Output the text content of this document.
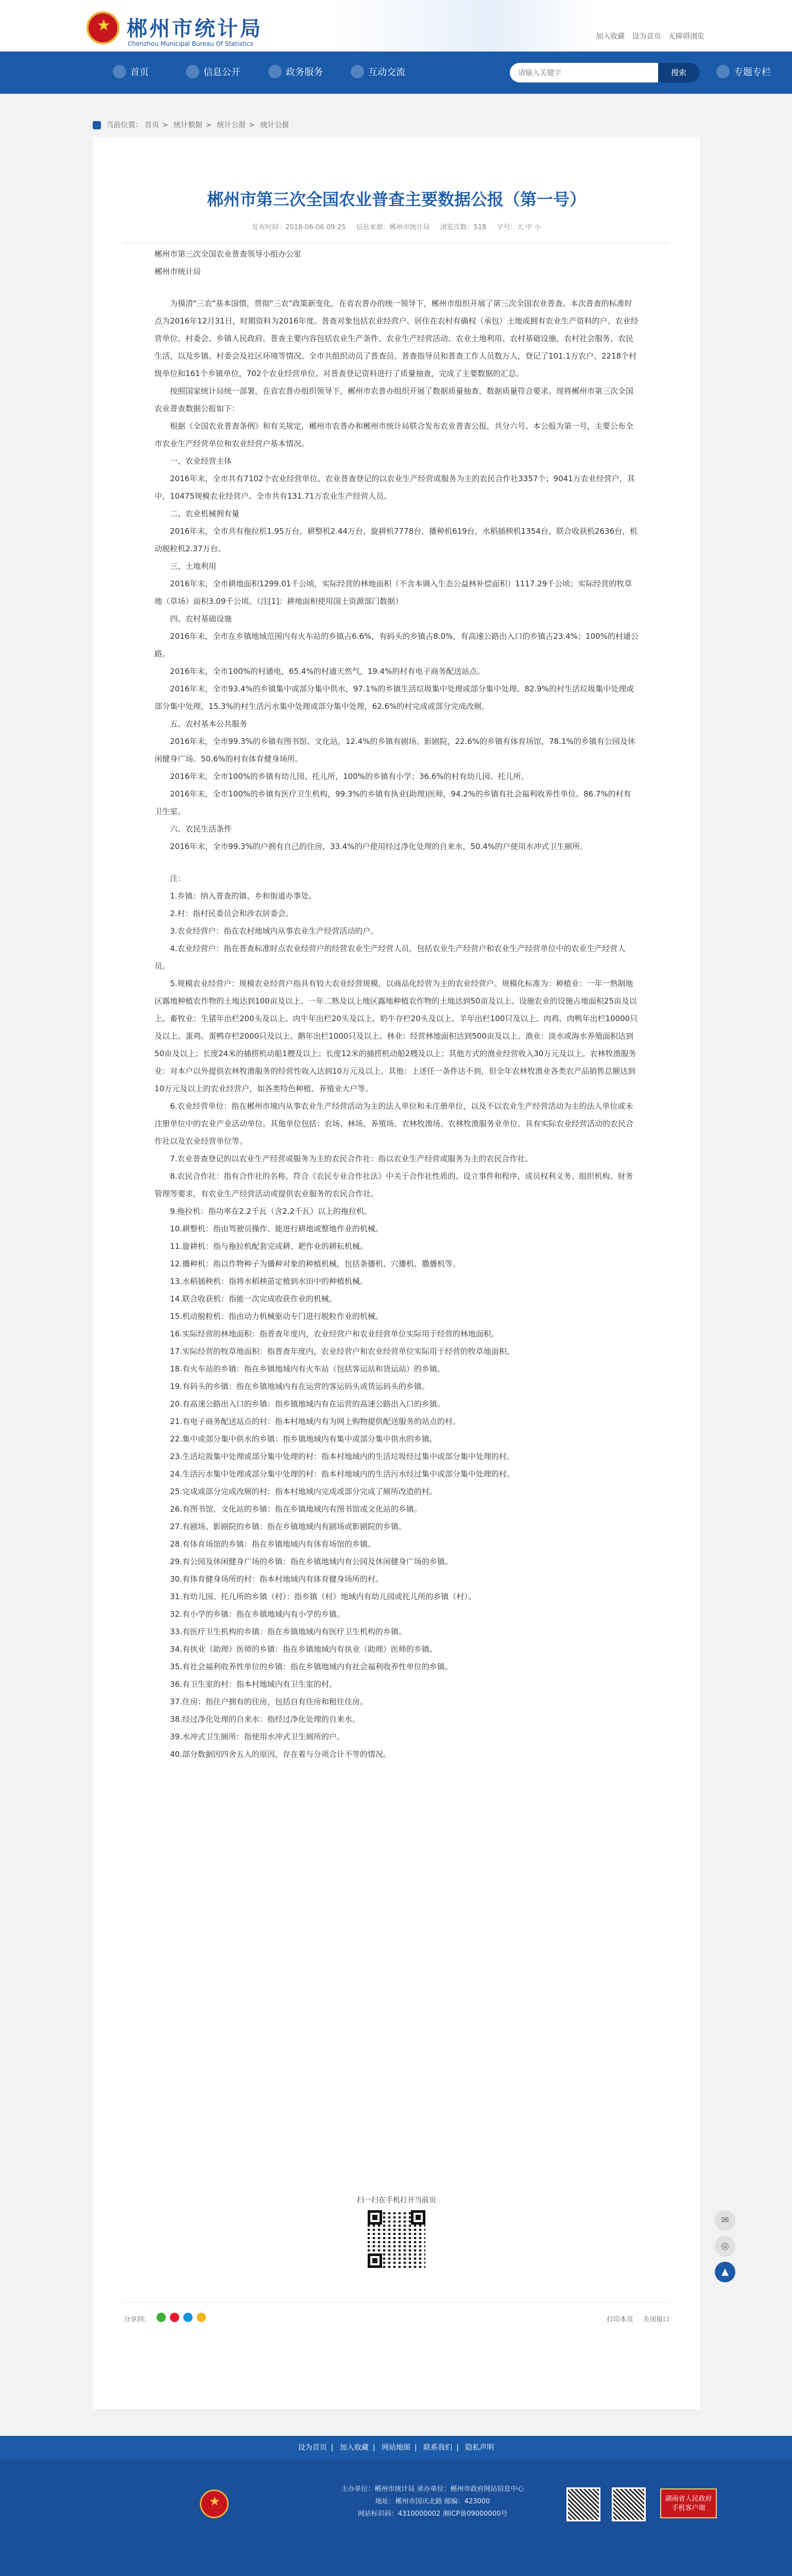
★
郴州市统计局
Chenzhou Municipal Bureau Of Statistics
加入收藏 设为首页 无障碍浏览
首页	信息公开	政务服务	互动交流
请输入关键字	搜索	专题专栏
当前位置： 首页 > 统计数据 > 统计公报 > 统计公报
郴州市第三次全国农业普查主要数据公报（第一号）
发布时间：2018-06-06 09:25 信息来源：郴州市统计局 浏览次数：518 字号：大 中 小

郴州市第三次全国农业普查领导小组办公室

郴州市统计局

为摸清"三农"基本国情，贯彻"三农"政策新变化，在省农普办的统一领导下，郴州市组织开展了第三次全国农业普查。本次普查的标准时点为2016年12月31日，时期资料为2016年度。普查对象包括农业经营户、居住在农村有确权（承包）土地或拥有农业生产资料的户、农业经营单位、村委会、乡镇人民政府。普查主要内容包括农业生产条件、农业生产经营活动、农业土地利用、农村基础设施、农村社会服务、农民生活，以及乡镇、村委会及社区环境等情况。全市共组织动员了普查员、普查指导员和普查工作人员数万人，登记了101.1万农户、2218个村级单位和161个乡镇单位，702个农业经营单位。对普查登记资料进行了质量抽查，完成了主要数据的汇总。

按照国家统计局统一部署，在省农普办组织领导下，郴州市农普办组织开展了数据质量抽查，数据质量符合要求。现将郴州市第三次全国农业普查数据公报如下：

根据《全国农业普查条例》和有关规定，郴州市农普办和郴州市统计局联合发布农业普查公报，共分六号。本公报为第一号，主要公布全市农业生产经营单位和农业经营户基本情况。

一、农业经营主体

2016年末，全市共有7102个农业经营单位。农业普查登记的以农业生产经营或服务为主的农民合作社3357个；9041万农业经营户，其中，10475规模农业经营户。全市共有131.71万农业生产经营人员。

二、农业机械拥有量

2016年末，全市共有拖拉机1.95万台，耕整机2.44万台，旋耕机7778台，播种机619台，水稻插秧机1354台，联合收获机2636台，机动脱粒机2.37万台。

三、土地利用

2016年末，全市耕地面积1299.01千公顷，实际经营的林地面积（不含本调入生态公益林补偿面积）1117.29千公顷；实际经营的牧草地（草场）面积3.09千公顷。（注[1]：耕地面积使用国土资源部门数据）

四、农村基础设施

2016年末，全市在乡镇地域范围内有火车站的乡镇占6.6%，有码头的乡镇占8.0%，有高速公路出入口的乡镇占23.4%；100%的村通公路。

2016年末，全市100%的村通电，65.4%的村通天然气，19.4%的村有电子商务配送站点。

2016年末，全市93.4%的乡镇集中或部分集中供水，97.1%的乡镇生活垃圾集中处理或部分集中处理。82.9%的村生活垃圾集中处理或部分集中处理，15.3%的村生活污水集中处理或部分集中处理，62.6%的村完成或部分完成改厕。

五、农村基本公共服务

2016年末，全市99.3%的乡镇有图书馆、文化站，12.4%的乡镇有剧场、影剧院，22.6%的乡镇有体育场馆，78.1%的乡镇有公园及休闲健身广场。50.6%的村有体育健身场所。

2016年末，全市100%的乡镇有幼儿园、托儿所，100%的乡镇有小学；36.6%的村有幼儿园、托儿所。

2016年末，全市100%的乡镇有医疗卫生机构，99.3%的乡镇有执业(助理)医师，94.2%的乡镇有社会福利收养性单位。86.7%的村有卫生室。

六、农民生活条件

2016年末，全市99.3%的户拥有自己的住房，33.4%的户使用经过净化处理的自来水，50.4%的户使用水冲式卫生厕所。

注：

1.乡镇：纳入普查的镇、乡和街道办事处。

2.村：指村民委员会和涉农居委会。

3.农业经营户：指在农村地域内从事农业生产经营活动的户。

4.农业经营户：指在普查标准时点农业经营户的经营农业生产经营人员，包括农业生产经营户和农业生产经营单位中的农业生产经营人员。

5.规模农业经营户：规模农业经营户指具有较大农业经营规模，以商品化经营为主的农业经营户。规模化标准为：种植业：一年一熟制地区露地种植农作物的土地达到100亩及以上、一年二熟及以上地区露地种植农作物的土地达到50亩及以上、设施农业的设施占地面积25亩及以上。畜牧业：生猪年出栏200头及以上、肉牛年出栏20头及以上、奶牛存栏20头及以上、羊年出栏100只及以上、肉鸡、肉鸭年出栏10000只及以上、蛋鸡、蛋鸭存栏2000只及以上、鹅年出栏1000只及以上。林业：经营林地面积达到500亩及以上。渔业：淡水或海水养殖面积达到50亩及以上；长度24米的捕捞机动船1艘及以上；长度12米的捕捞机动船2艘及以上；其他方式的渔业经营收入30万元及以上。农林牧渔服务业：对本户以外提供农林牧渔服务的经营性收入达到10万元及以上。其他：上述任一条件达不到，但全年农林牧渔业各类农产品销售总额达到10万元及以上的农业经营户，如各类特色种植、养殖业大户等。

6.农业经营单位：指在郴州市境内从事农业生产经营活动为主的法人单位和未注册单位，以及不以农业生产经营活动为主的法人单位或未注册单位中的农业产业活动单位。其他单位包括：农场、林场、养殖场、农林牧渔场、农林牧渔服务业单位、具有实际农业经营活动的农民合作社以及农业经营单位等。

7.农业普查登记的以农业生产经营或服务为主的农民合作社：指以农业生产经营或服务为主的农民合作社。

8.农民合作社：指有合作社的名称，符合《农民专业合作社法》中关于合作社性质的、设立事件和程序、成员权利义务、组织机构、财务管理等要求，有农业生产经营活动或提供农业服务的农民合作社。

9.拖拉机：指功率在2.2千瓦（含2.2千瓦）以上的拖拉机。

10.耕整机：指由驾驶员操作、能进行耕地或整地作业的机械。

11.旋耕机：指与拖拉机配套完成耕、耙作业的耕耘机械。

12.播种机：指以作物种子为播种对象的种植机械，包括条播机、穴播机、撒播机等。

13.水稻插秧机：指将水稻秧苗定植到水田中的种植机械。

14.联合收获机：指能一次完成收获作业的机械。

15.机动脱粒机：指由动力机械驱动专门进行脱粒作业的机械。

16.实际经营的林地面积：指普查年度内，农业经营户和农业经营单位实际用于经营的林地面积。

17.实际经营的牧草地面积：指普查年度内，农业经营户和农业经营单位实际用于经营的牧草地面积。

18.有火车站的乡镇：指在乡镇地域内有火车站（包括客运站和货运站）的乡镇。

19.有码头的乡镇：指在乡镇地域内有在运营的客运码头或货运码头的乡镇。

20.有高速公路出入口的乡镇：指乡镇地域内有在运营的高速公路出入口的乡镇。

21.有电子商务配送站点的村：指本村地域内有为网上购物提供配送服务的站点的村。

22.集中或部分集中供水的乡镇：指乡镇地域内有集中或部分集中供水的乡镇。

23.生活垃圾集中处理或部分集中处理的村：指本村地域内的生活垃圾经过集中或部分集中处理的村。

24.生活污水集中处理或部分集中处理的村：指本村地域内的生活污水经过集中或部分集中处理的村。

25.完成或部分完成改厕的村：指本村地域内完成或部分完成了厕所改造的村。

26.有图书馆、文化站的乡镇：指在乡镇地域内有图书馆或文化站的乡镇。

27.有剧场、影剧院的乡镇：指在乡镇地域内有剧场或影剧院的乡镇。

28.有体育场馆的乡镇：指在乡镇地域内有体育场馆的乡镇。

29.有公园及休闲健身广场的乡镇：指在乡镇地域内有公园及休闲健身广场的乡镇。

30.有体育健身场所的村：指本村地域内有体育健身场所的村。

31.有幼儿园、托儿所的乡镇（村）：指乡镇（村）地域内有幼儿园或托儿所的乡镇（村）。

32.有小学的乡镇：指在乡镇地域内有小学的乡镇。

33.有医疗卫生机构的乡镇：指在乡镇地域内有医疗卫生机构的乡镇。

34.有执业（助理）医师的乡镇：指在乡镇地域内有执业（助理）医师的乡镇。

35.有社会福利收养性单位的乡镇：指在乡镇地域内有社会福利收养性单位的乡镇。

36.有卫生室的村：指本村地域内有卫生室的村。

37.住房：指住户拥有的住房，包括自有住房和租住住房。

38.经过净化处理的自来水：指经过净化处理的自来水。

39.水冲式卫生厕所：指使用水冲式卫生厕所的户。

40.部分数据因四舍五入的原因，存在着与分项合计不等的情况。

扫一扫在手机打开当前页
分享到：	打印本页 关闭窗口
✉
◎
▲
设为首页 | 加入收藏 | 网站地图 | 联系我们 | 隐私声明
★
主办单位：郴州市统计局 承办单位：郴州市政府网站信息中心
地址：郴州市国庆北路 邮编：423000
网站标识码：4310000002 湘ICP备09000000号
湖南省人民政府
手机客户端
